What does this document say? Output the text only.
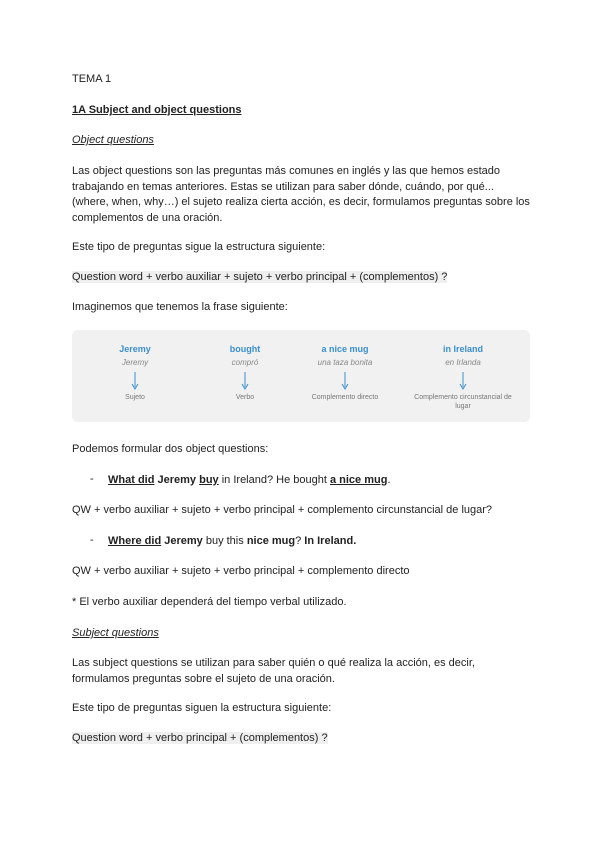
TEMA 1

1A Subject and object questions

Object questions

Las object questions son las preguntas más comunes en inglés y las que hemos estado trabajando en temas anteriores. Estas se utilizan para saber dónde, cuándo, por qué... (where, when, why…) el sujeto realiza cierta acción, es decir, formulamos preguntas sobre los complementos de una oración.

Este tipo de preguntas sigue la estructura siguiente:

Question word + verbo auxiliar + sujeto + verbo principal + (complementos) ?

Imaginemos que tenemos la frase siguiente:

Jeremy
Jeremy
Sujeto
bought
compró
Verbo
a nice mug
una taza bonita
Complemento directo
in Ireland
en Irlanda
Complemento circunstancial de lugar

Podemos formular dos object questions:

- What did Jeremy buy in Ireland? He bought a nice mug.

QW + verbo auxiliar + sujeto + verbo principal + complemento circunstancial de lugar?

- Where did Jeremy buy this nice mug? In Ireland.

QW + verbo auxiliar + sujeto + verbo principal + complemento directo

* El verbo auxiliar dependerá del tiempo verbal utilizado.

Subject questions

Las subject questions se utilizan para saber quién o qué realiza la acción, es decir, formulamos preguntas sobre el sujeto de una oración.

Este tipo de preguntas siguen la estructura siguiente:

Question word + verbo principal + (complementos) ?
